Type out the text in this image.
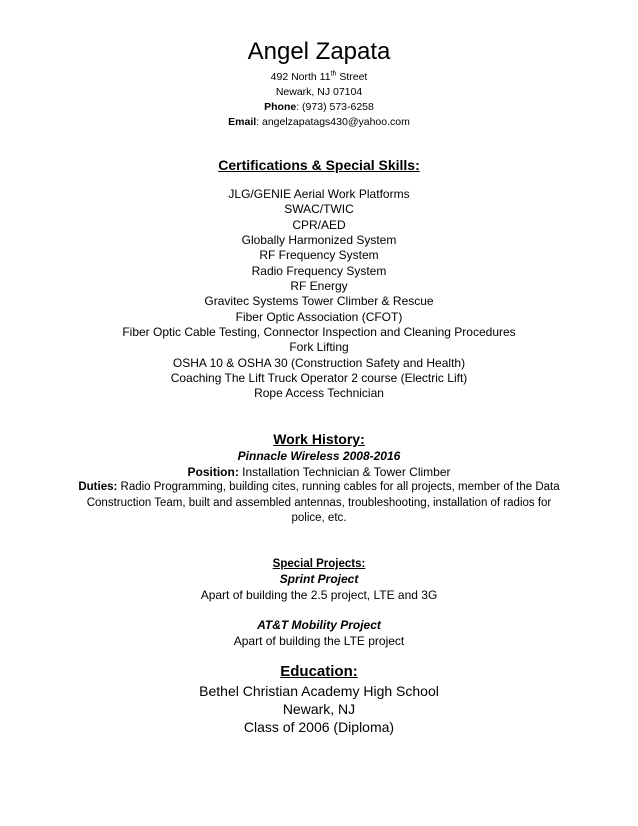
Angel Zapata
492 North 11th Street
Newark, NJ 07104
Phone: (973) 573-6258
Email: angelzapatags430@yahoo.com
Certifications & Special Skills:
JLG/GENIE Aerial Work Platforms
SWAC/TWIC
CPR/AED
Globally Harmonized System
RF Frequency System
Radio Frequency System
RF Energy
Gravitec Systems Tower Climber & Rescue
Fiber Optic Association (CFOT)
Fiber Optic Cable Testing, Connector Inspection and Cleaning Procedures
Fork Lifting
OSHA 10 & OSHA 30 (Construction Safety and Health)
Coaching The Lift Truck Operator 2 course (Electric Lift)
Rope Access Technician
Work History:
Pinnacle Wireless 2008-2016
Position: Installation Technician & Tower Climber
Duties: Radio Programming, building cites, running cables for all projects, member of the Data Construction Team, built and assembled antennas, troubleshooting, installation of radios for police, etc.
Special Projects:
Sprint Project
Apart of building the 2.5 project, LTE and 3G
AT&T Mobility Project
Apart of building the LTE project
Education:
Bethel Christian Academy High School
Newark, NJ
Class of 2006 (Diploma)
